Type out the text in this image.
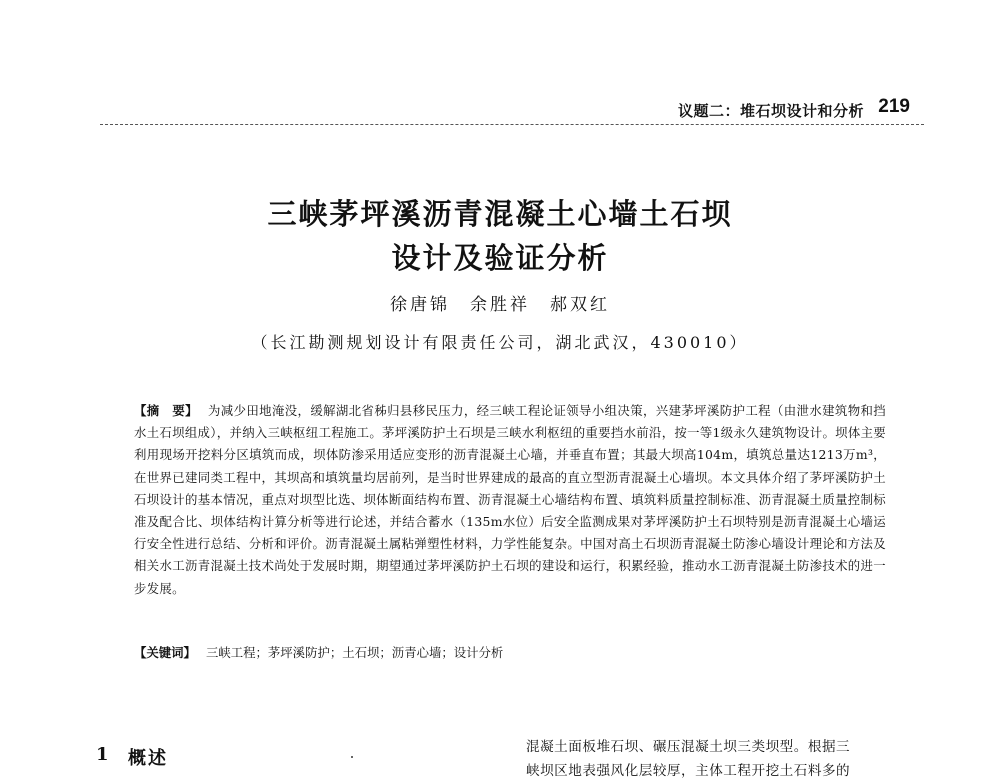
议题二：堆石坝设计和分析 219
三峡茅坪溪沥青混凝土心墙土石坝
设计及验证分析
徐唐锦　余胜祥　郝双红
（长江勘测规划设计有限责任公司，湖北武汉，430010）
【摘　要】 为减少田地淹没，缓解湖北省秭归县移民压力，经三峡工程论证领导小组决策，兴建茅坪溪防护工程（由泄水建筑物和挡水土石坝组成），并纳入三峡枢纽工程施工。茅坪溪防护土石坝是三峡水利枢纽的重要挡水前沿，按一等1级永久建筑物设计。坝体主要利用现场开挖料分区填筑而成，坝体防渗采用适应变形的沥青混凝土心墙，并垂直布置；其最大坝高104m，填筑总量达1213万m³，在世界已建同类工程中，其坝高和填筑量均居前列，是当时世界建成的最高的直立型沥青混凝土心墙坝。本文具体介绍了茅坪溪防护土石坝设计的基本情况，重点对坝型比选、坝体断面结构布置、沥青混凝土心墙结构布置、填筑料质量控制标准、沥青混凝土质量控制标准及配合比、坝体结构计算分析等进行论述，并结合蓄水（135m水位）后安全监测成果对茅坪溪防护土石坝特别是沥青混凝土心墙运行安全性进行总结、分析和评价。沥青混凝土属粘弹塑性材料，力学性能复杂。中国对高土石坝沥青混凝土防渗心墙设计理论和方法及相关水工沥青混凝土技术尚处于发展时期，期望通过茅坪溪防护土石坝的建设和运行，积累经验，推动水工沥青混凝土防渗技术的进一步发展。
【关键词】 三峡工程；茅坪溪防护；土石坝；沥青心墙；设计分析
1 概述
混凝土面板堆石坝、碾压混凝土坝三类坝型。根据三
峡坝区地表强风化层较厚，主体工程开挖土石料多的
